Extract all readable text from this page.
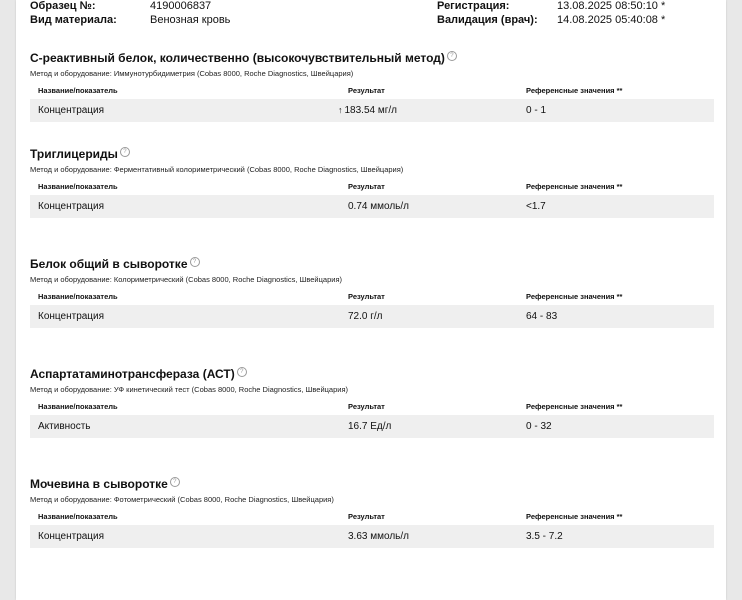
Образец №:	4190006837	Регистрация:	13.08.2025 08:50:10 *
Вид материала:	Венозная кровь	Валидация (врач): 14.08.2025 05:40:08 *
С-реактивный белок, количественно (высокочувствительный метод) ?
Метод и оборудование: Иммунотурбидиметрия (Cobas 8000, Roche Diagnostics, Швейцария)
Название/показатель	Результат	Референсные значения **
Концентрация	↑ 183.54 мг/л	0 - 1
Триглицериды ?
Метод и оборудование: Ферментативный колориметрический (Cobas 8000, Roche Diagnostics, Швейцария)
Название/показатель	Результат	Референсные значения **
Концентрация	0.74 ммоль/л	<1.7
Белок общий в сыворотке ?
Метод и оборудование: Колориметрический (Cobas 8000, Roche Diagnostics, Швейцария)
Название/показатель	Результат	Референсные значения **
Концентрация	72.0 г/л	64 - 83
Аспартатаминотрансфераза (АСТ) ?
Метод и оборудование: УФ кинетический тест (Cobas 8000, Roche Diagnostics, Швейцария)
Название/показатель	Результат	Референсные значения **
Активность	16.7 Ед/л	0 - 32
Мочевина в сыворотке ?
Метод и оборудование: Фотометрический (Cobas 8000, Roche Diagnostics, Швейцария)
Название/показатель	Результат	Референсные значения **
Концентрация	3.63 ммоль/л	3.5 - 7.2
